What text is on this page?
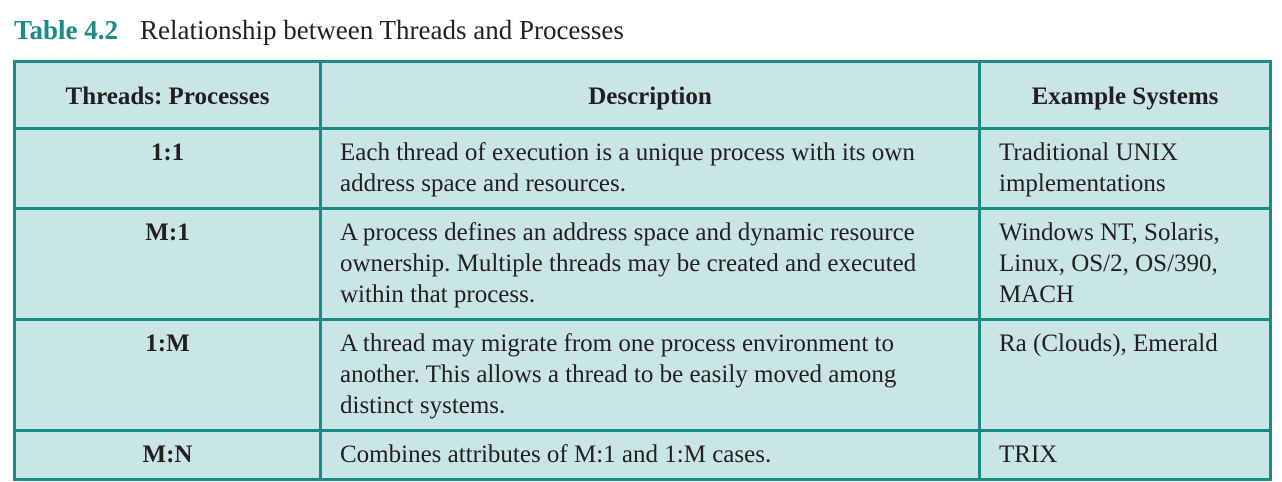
Table 4.2 Relationship between Threads and Processes
Threads: Processes	Description	Example Systems
1:1	Each thread of execution is a unique process with its own address space and resources.	Traditional UNIX implementations
M:1	A process defines an address space and dynamic resource ownership. Multiple threads may be created and executed within that process.	Windows NT, Solaris, Linux, OS/2, OS/390, MACH
1:M	A thread may migrate from one process environment to another. This allows a thread to be easily moved among distinct systems.	Ra (Clouds), Emerald
M:N	Combines attributes of M:1 and 1:M cases.	TRIX
